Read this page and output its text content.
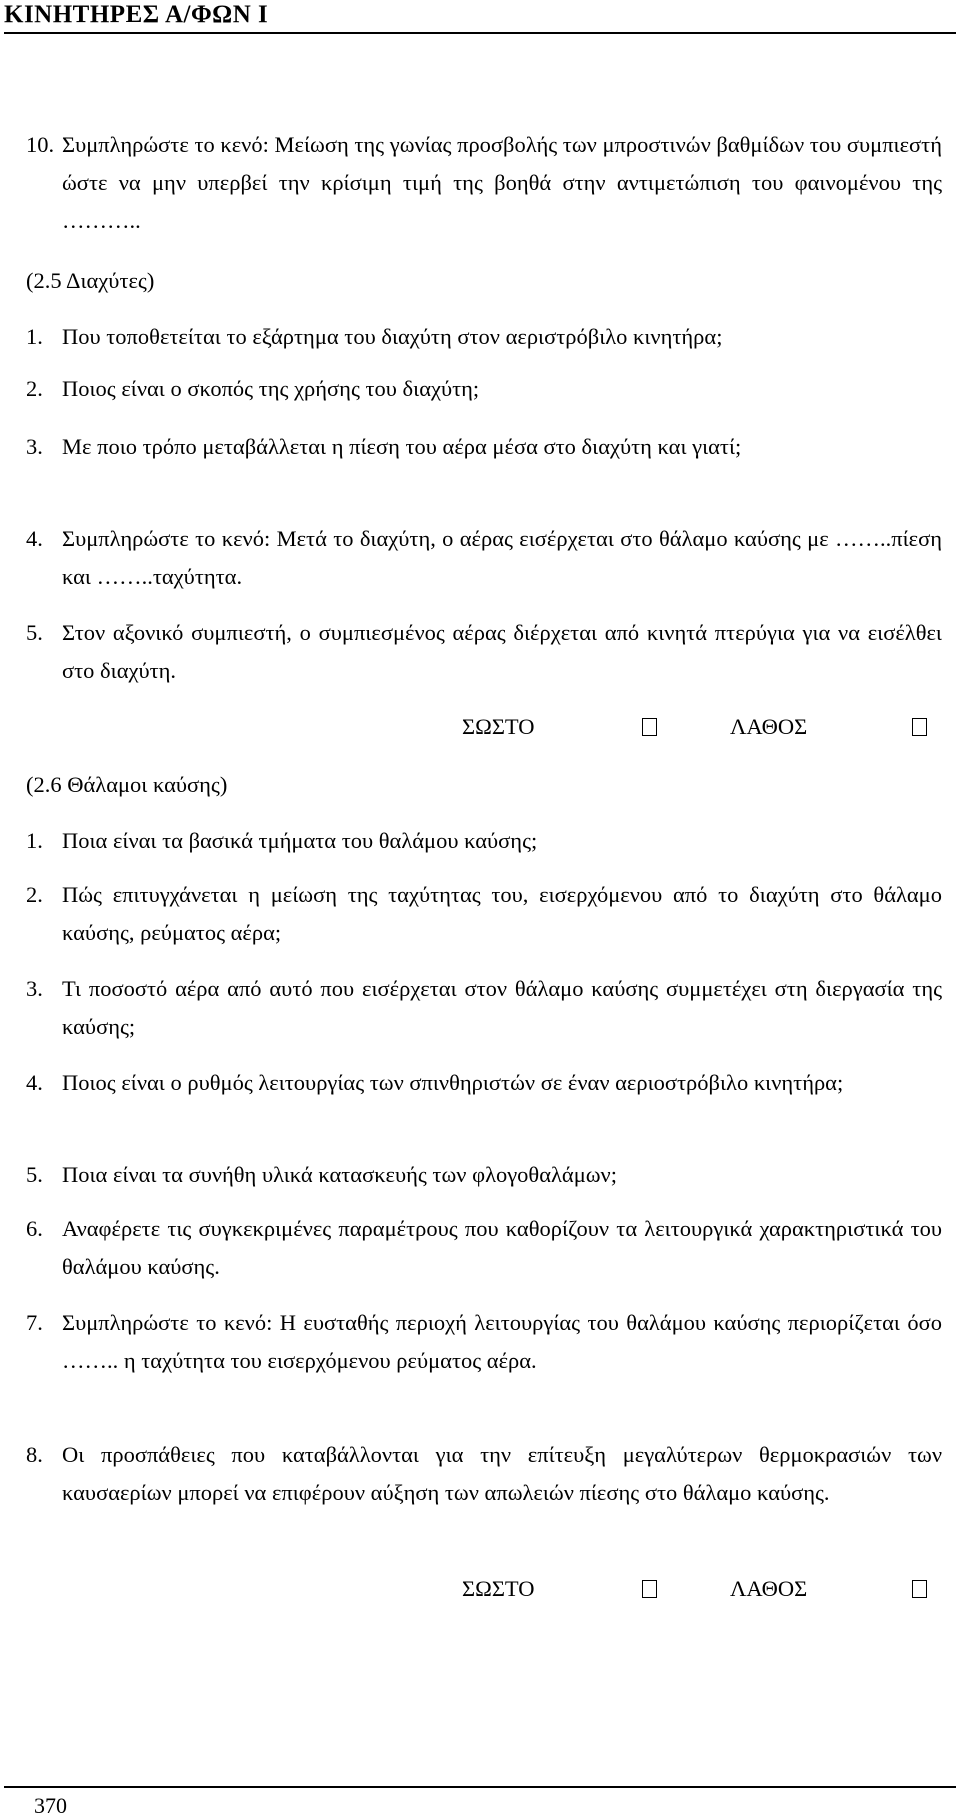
ΚΙΝΗΤΗΡΕΣ Α/ΦΩΝ Ι
10. Συμπληρώστε το κενό: Μείωση της γωνίας προσβολής των μπροστινών βαθμίδων του συμπιεστή ώστε να μην υπερβεί την κρίσιμη τιμή της βοηθά στην αντιμετώπιση του φαινομένου της ………..
(2.5 Διαχύτες)
1. Που τοποθετείται το εξάρτημα του διαχύτη στον αεριστρόβιλο κινητήρα;
2. Ποιος είναι ο σκοπός της χρήσης του διαχύτη;
3. Με ποιο τρόπο μεταβάλλεται η πίεση του αέρα μέσα στο διαχύτη και γιατί;
4. Συμπληρώστε το κενό: Μετά το διαχύτη, ο αέρας εισέρχεται στο θάλαμο καύσης με ……..πίεση και ……..ταχύτητα.
5. Στον αξονικό συμπιεστή, ο συμπιεσμένος αέρας διέρχεται από κινητά πτερύγια για να εισέλθει στο διαχύτη.
ΣΩΣΤΟ	ΛΑΘΟΣ
(2.6 Θάλαμοι καύσης)
1. Ποια είναι τα βασικά τμήματα του θαλάμου καύσης;
2. Πώς επιτυγχάνεται η μείωση της ταχύτητας του, εισερχόμενου από το διαχύτη στο θάλαμο καύσης, ρεύματος αέρα;
3. Τι ποσοστό αέρα από αυτό που εισέρχεται στον θάλαμο καύσης συμμετέχει στη διεργασία της καύσης;
4. Ποιος είναι ο ρυθμός λειτουργίας των σπινθηριστών σε έναν αεριοστρόβιλο κινητήρα;
5. Ποια είναι τα συνήθη υλικά κατασκευής των φλογοθαλάμων;
6. Αναφέρετε τις συγκεκριμένες παραμέτρους που καθορίζουν τα λειτουργικά χαρακτηριστικά του θαλάμου καύσης.
7. Συμπληρώστε το κενό: Η ευσταθής περιοχή λειτουργίας του θαλάμου καύσης περιορίζεται όσο …….. η ταχύτητα του εισερχόμενου ρεύματος αέρα.
8. Οι προσπάθειες που καταβάλλονται για την επίτευξη μεγαλύτερων θερμοκρασιών των καυσαερίων μπορεί να επιφέρουν αύξηση των απωλειών πίεσης στο θάλαμο καύσης.
ΣΩΣΤΟ	ΛΑΘΟΣ
370
